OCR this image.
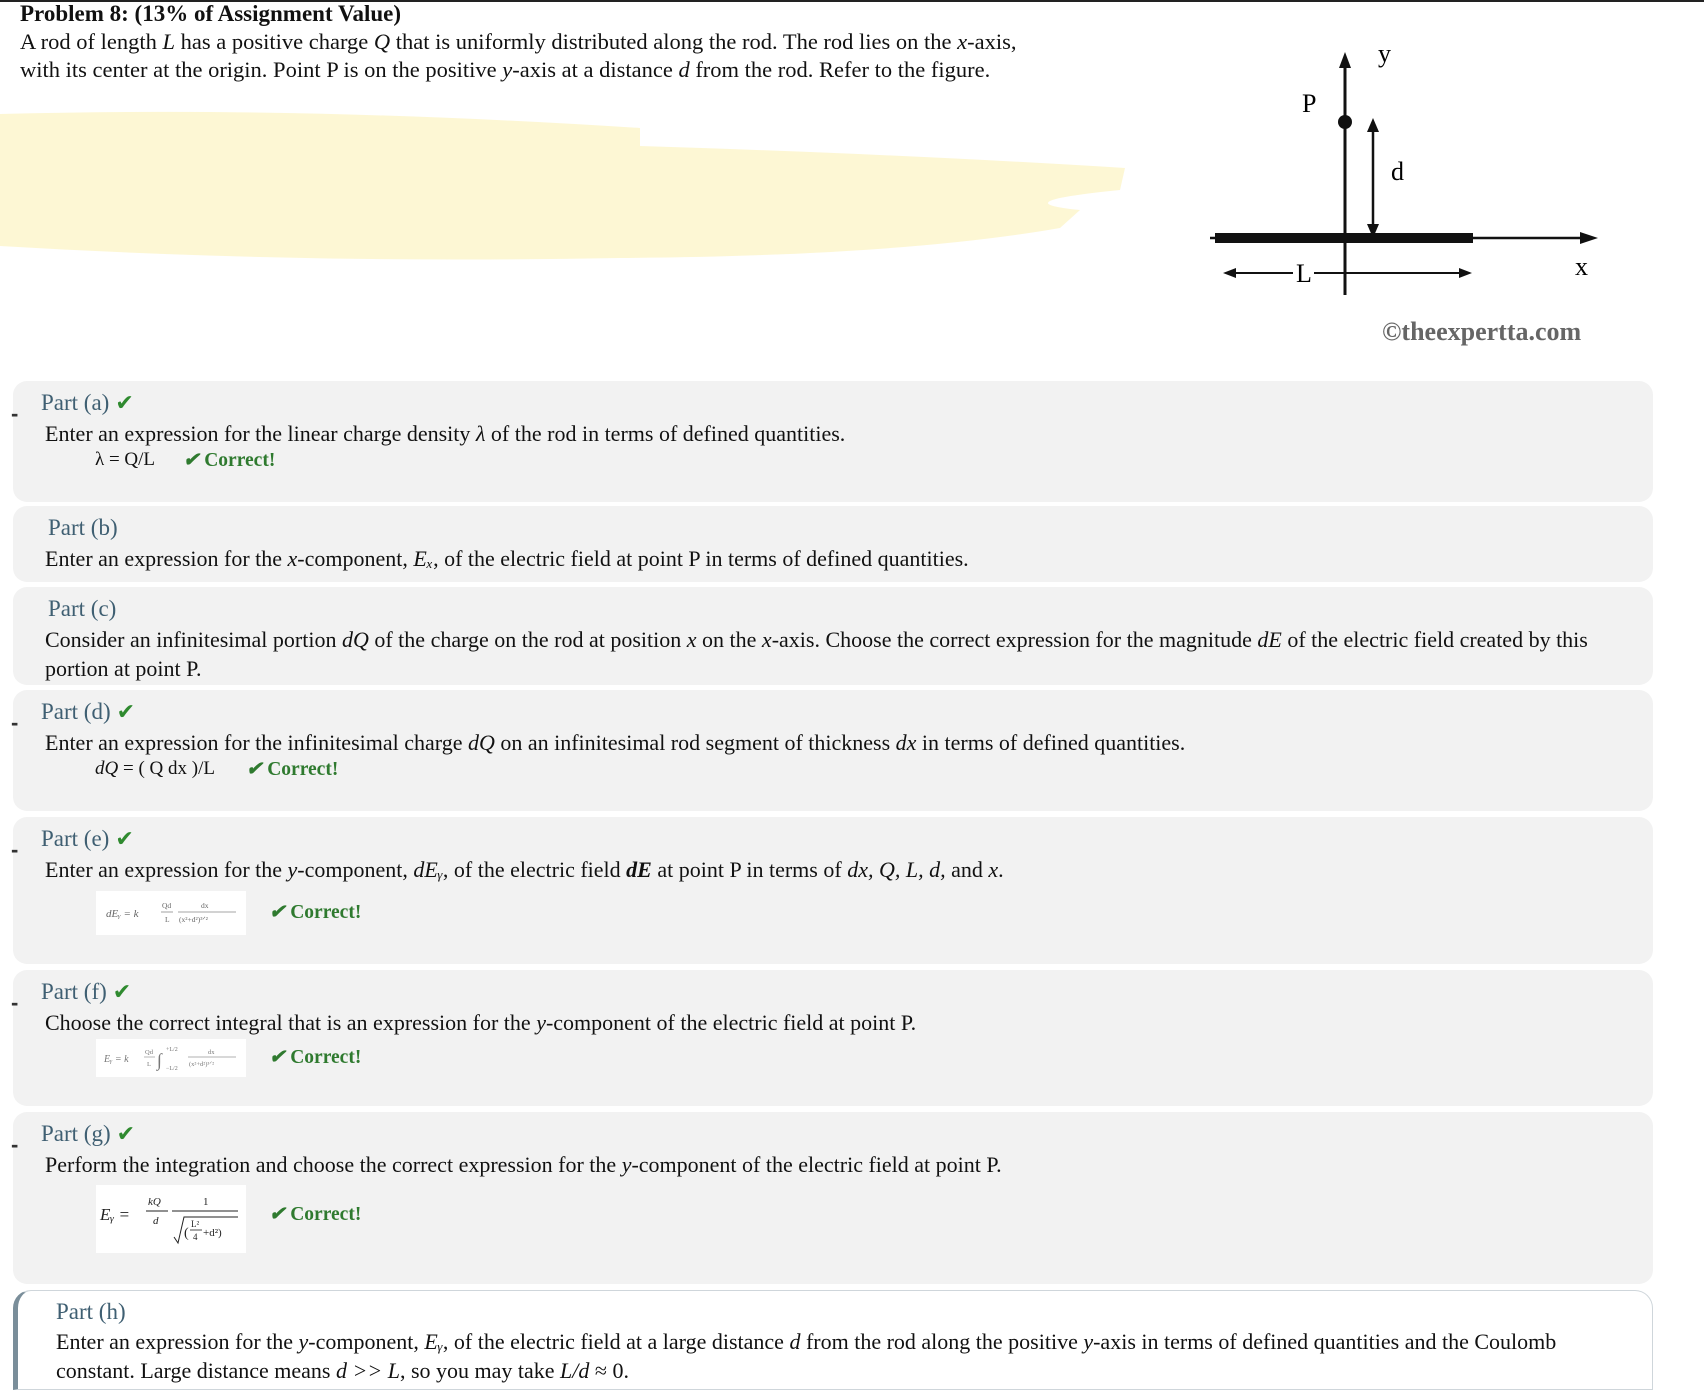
Problem 8: (13% of Assignment Value)
A rod of length L has a positive charge Q that is uniformly distributed along the rod. The rod lies on the x-axis, with its center at the origin. Point P is on the positive y-axis at a distance d from the rod. Refer to the figure.
y
P
d
x
L
©theexpertta.com
- Part (a) ✔
Enter an expression for the linear charge density λ of the rod in terms of defined quantities.
λ = Q/L ✔ Correct!
Part (b)
Enter an expression for the x-component, Eₓ, of the electric field at point P in terms of defined quantities.
Part (c)
Consider an infinitesimal portion dQ of the charge on the rod at position x on the x-axis. Choose the correct expression for the magnitude dE of the electric field created by this portion at point P.
- Part (d) ✔
Enter an expression for the infinitesimal charge dQ on an infinitesimal rod segment of thickness dx in terms of defined quantities.
dQ = ( Q dx )/L ✔ Correct!
- Part (e) ✔
Enter an expression for the y-component, dEᵧ, of the electric field dE at point P in terms of dx, Q, L, d, and x.
dEᵧ = k
Qd
L
dx
(x²+d²)³ᐟ²	✔ Correct!
- Part (f) ✔
Choose the correct integral that is an expression for the y-component of the electric field at point P.
Eᵧ = k
Qd
L ∫ +L/2
−L/2
dx
(x²+d²)³ᐟ²	✔ Correct!
- Part (g) ✔
Perform the integration and choose the correct expression for the y-component of the electric field at point P.
Eᵧ =
kQ
d
1
(
L²
4 +d²)
✔ Correct!
Part (h)
Enter an expression for the y-component, Eᵧ, of the electric field at a large distance d from the rod along the positive y-axis in terms of defined quantities and the Coulomb constant. Large distance means d >> L, so you may take L/d ≈ 0.
